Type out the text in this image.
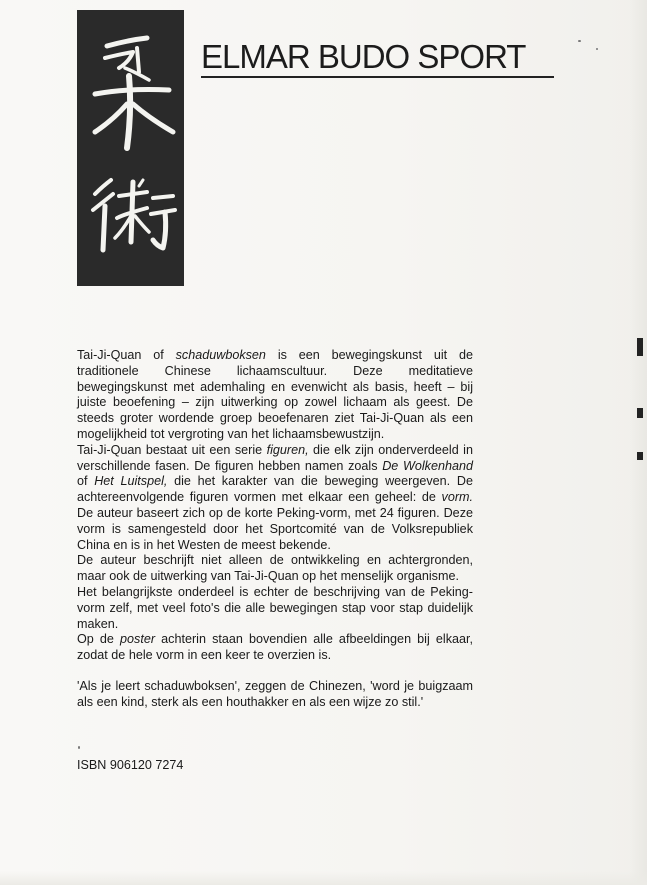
ELMAR BUDO SPORT

Tai-Ji-Quan of schaduwboksen is een bewegingskunst uit de traditionele Chinese lichaamscultuur. Deze meditatieve bewegingskunst met ademhaling en evenwicht als basis, heeft – bij juiste beoefening – zijn uitwerking op zowel lichaam als geest. De steeds groter wordende groep beoefenaren ziet Tai-Ji-Quan als een mogelijkheid tot vergroting van het lichaamsbewustzijn.

Tai-Ji-Quan bestaat uit een serie figuren, die elk zijn onderverdeeld in verschillende fasen. De figuren hebben namen zoals De Wolkenhand of Het Luitspel, die het karakter van die beweging weergeven. De achtereenvolgende figuren vormen met elkaar een geheel: de vorm. De auteur baseert zich op de korte Peking-vorm, met 24 figuren. Deze vorm is samengesteld door het Sportcomité van de Volksrepubliek China en is in het Westen de meest bekende.

De auteur beschrijft niet alleen de ontwikkeling en achtergronden, maar ook de uitwerking van Tai-Ji-Quan op het menselijk organisme.

Het belangrijkste onderdeel is echter de beschrijving van de Peking-vorm zelf, met veel foto's die alle bewegingen stap voor stap duidelijk maken.

Op de poster achterin staan bovendien alle afbeeldingen bij elkaar, zodat de hele vorm in een keer te overzien is.

'Als je leert schaduwboksen', zeggen de Chinezen, 'word je buigzaam als een kind, sterk als een houthakker en als een wijze zo stil.'

ISBN 906120 7274
